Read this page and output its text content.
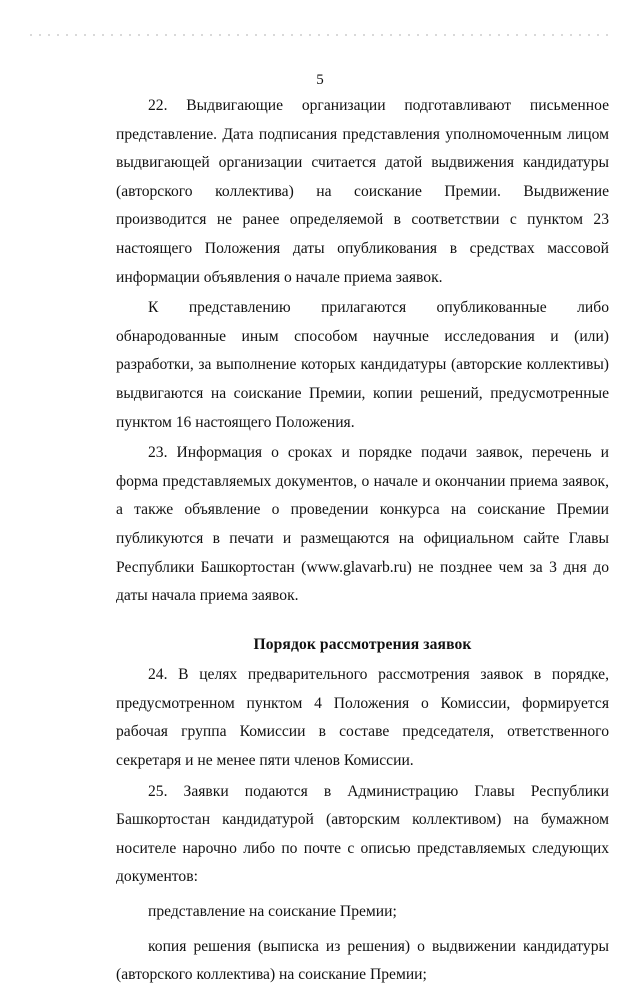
5

22. Выдвигающие организации подготавливают письменное представление. Дата подписания представления уполномоченным лицом выдвигающей организации считается датой выдвижения кандидатуры (авторского коллектива) на соискание Премии. Выдвижение производится не ранее определяемой в соответствии с пунктом 23 настоящего Положения даты опубликования в средствах массовой информации объявления о начале приема заявок.

К представлению прилагаются опубликованные либо обнародованные иным способом научные исследования и (или) разработки, за выполнение которых кандидатуры (авторские коллективы) выдвигаются на соискание Премии, копии решений, предусмотренные пунктом 16 настоящего Положения.

23. Информация о сроках и порядке подачи заявок, перечень и форма представляемых документов, о начале и окончании приема заявок, а также объявление о проведении конкурса на соискание Премии публикуются в печати и размещаются на официальном сайте Главы Республики Башкортостан (www.glavarb.ru) не позднее чем за 3 дня до даты начала приема заявок.

Порядок рассмотрения заявок

24. В целях предварительного рассмотрения заявок в порядке, предусмотренном пунктом 4 Положения о Комиссии, формируется рабочая группа Комиссии в составе председателя, ответственного секретаря и не менее пяти членов Комиссии.

25. Заявки подаются в Администрацию Главы Республики Башкортостан кандидатурой (авторским коллективом) на бумажном носителе нарочно либо по почте с описью представляемых следующих документов:

представление на соискание Премии;

копия решения (выписка из решения) о выдвижении кандидатуры (авторского коллектива) на соискание Премии;
